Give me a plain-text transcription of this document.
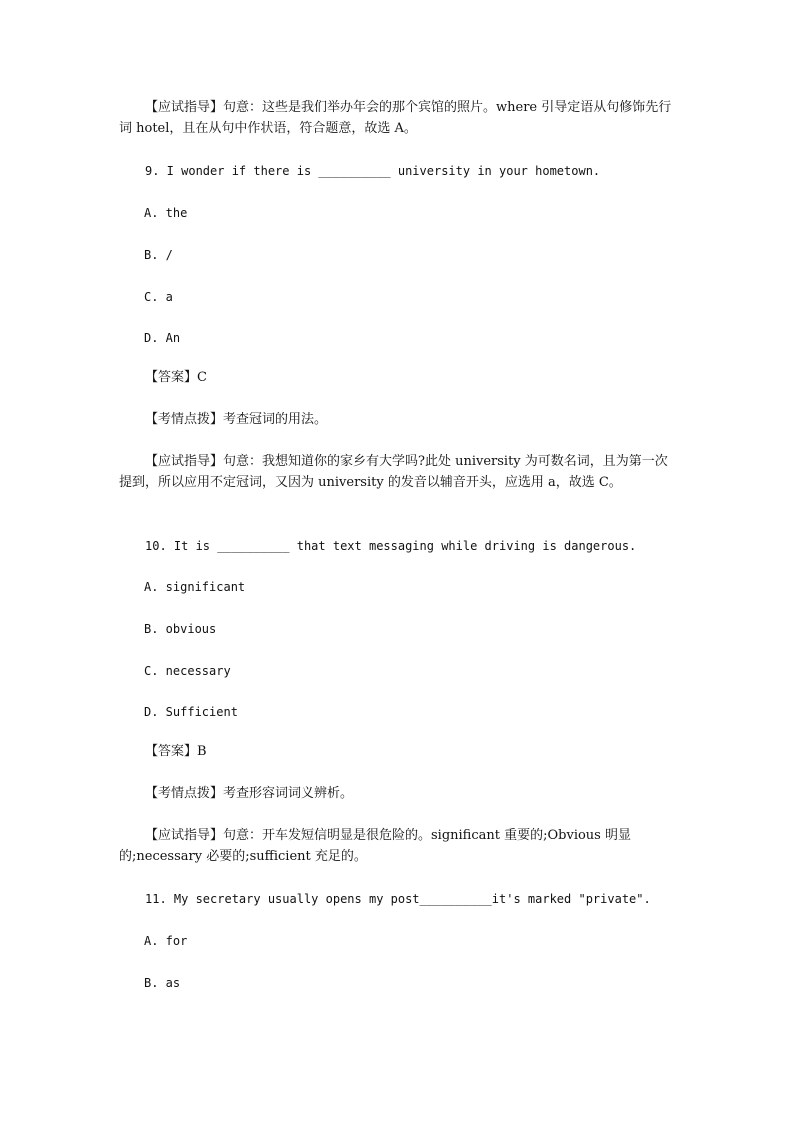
【应试指导】句意：这些是我们举办年会的那个宾馆的照片。where 引导定语从句修饰先行词 hotel，且在从句中作状语，符合题意，故选 A。

9. I wonder if there is __________ university in your hometown.

A. the

B. /

C. a

D. An

【答案】C

【考情点拨】考查冠词的用法。

【应试指导】句意：我想知道你的家乡有大学吗?此处 university 为可数名词，且为第一次提到，所以应用不定冠词，又因为 university 的发音以辅音开头，应选用 a，故选 C。

10. It is __________ that text messaging while driving is dangerous.

A. significant

B. obvious

C. necessary

D. Sufficient

【答案】B

【考情点拨】考查形容词词义辨析。

【应试指导】句意：开车发短信明显是很危险的。significant 重要的;Obvious 明显的;necessary 必要的;sufficient 充足的。

11. My secretary usually opens my post__________it's marked "private".

A. for

B. as
